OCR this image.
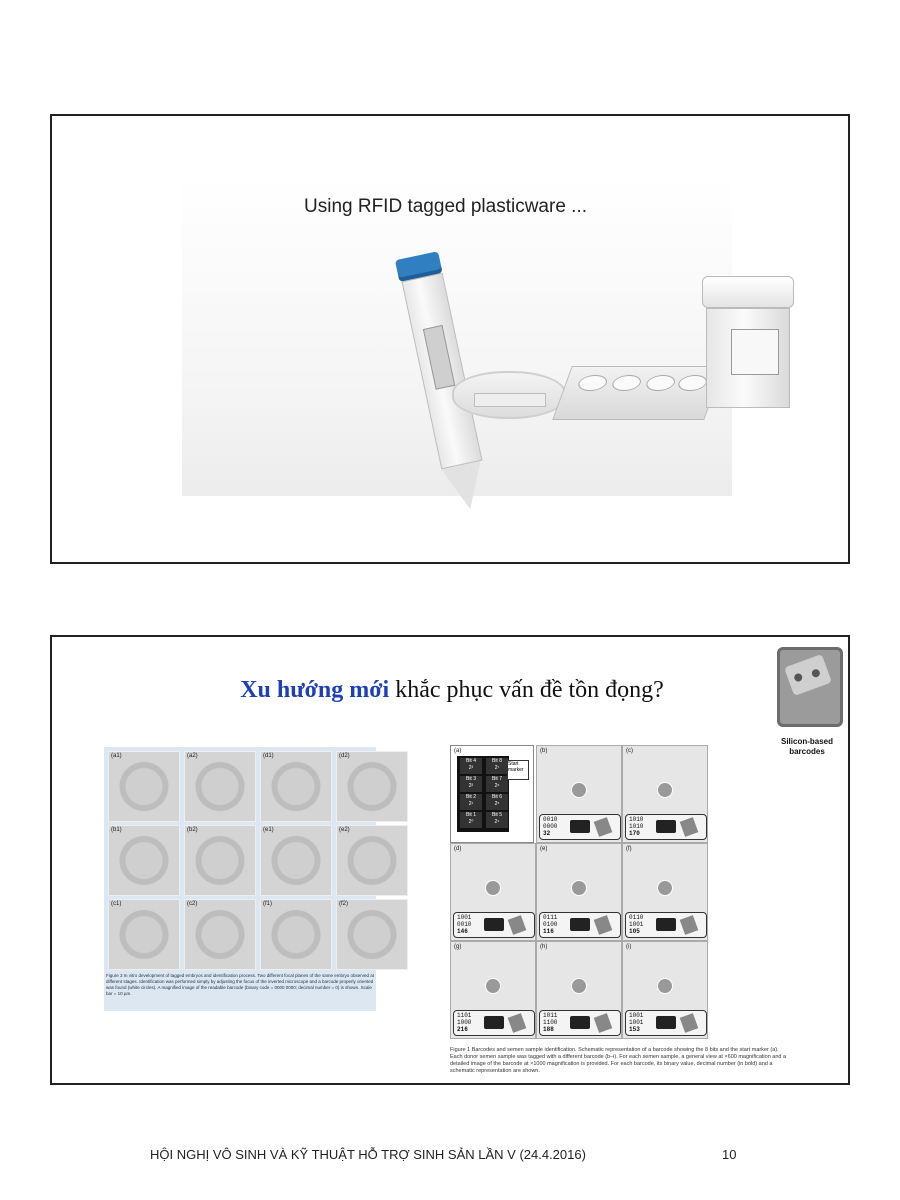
Using RFID tagged plasticware ...
Xu hướng mới khắc phục vấn đề tồn đọng?
Silicon-based barcodes
(a1)	(a2)	(d1)	(d2)
(b1)	(b2)	(e1)	(e2)
(c1)	(c2)	(f1)	(f2)
Figure 3 In vitro development of tagged embryos and identification process. Two different focal planes of the same embryo observed at different stages. Identification was performed simply by adjusting the focus of the inverted microscope and a barcode properly oriented was found (white circles). A magnified image of the readable barcode (binary code = 0000 0000; decimal number = 0) is shown. Scale bar = 10 µm.
(a)
Bit 4
2³
Bit 8
2⁷
Bit 3
2²
Bit 7
2⁶
Bit 2
2¹
Bit 6
2⁵
Bit 1
2⁰
Bit 5
2⁴
Start marker
(b)
0010
0000
32
(c)
1010
1010
170
(d)
1001
0010
146
(e)
0111
0100
116
(f)
0110
1001
105
(g)
1101
1000
216
(h)
1011
1100
188
(i)
1001
1001
153
Figure 1 Barcodes and semen sample identification. Schematic representation of a barcode showing the 8 bits and the start marker (a). Each donor semen sample was tagged with a different barcode (b–i). For each semen sample, a general view at ×600 magnification and a detailed image of the barcode at ×1000 magnification is provided. For each barcode, its binary value, decimal number (in bold) and a schematic representation are shown.
HỘI NGHỊ VÔ SINH VÀ KỸ THUẬT HỖ TRỢ SINH SẢN LẦN V (24.4.2016)	10
